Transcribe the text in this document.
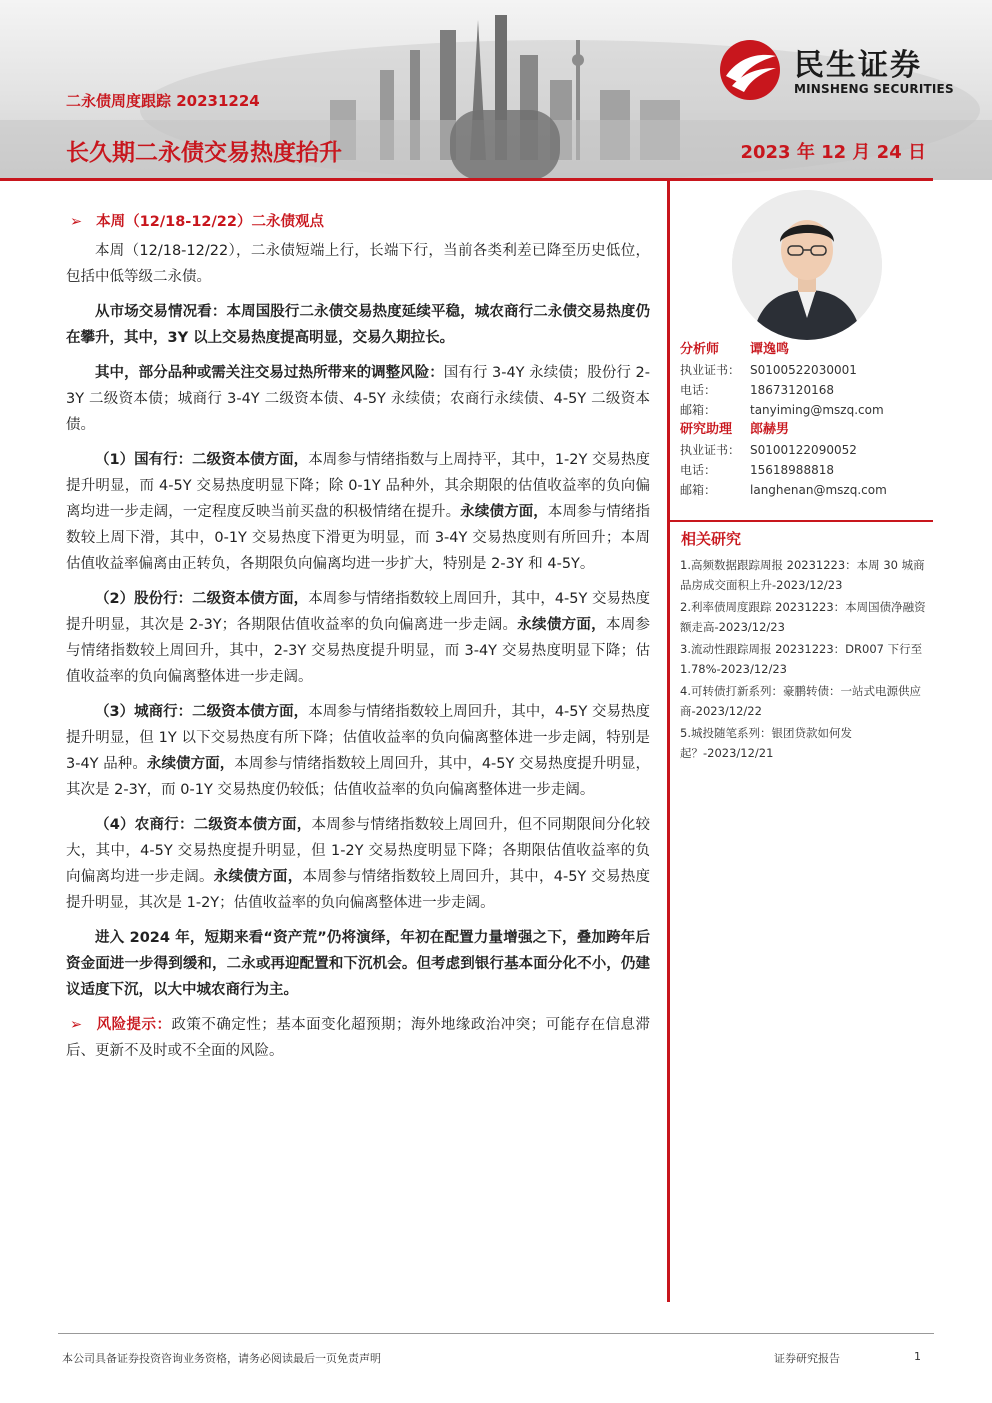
二永债周度跟踪 20231224
长久期二永债交易热度抬升	2023 年 12 月 24 日
民生证券
MINSHENG SECURITIES
➢ 本周（12/18-12/22）二永债观点

本周（12/18-12/22），二永债短端上行，长端下行，当前各类利差已降至历史低位，包括中低等级二永债。

从市场交易情况看：本周国股行二永债交易热度延续平稳，城农商行二永债交易热度仍在攀升，其中，3Y 以上交易热度提高明显，交易久期拉长。

其中，部分品种或需关注交易过热所带来的调整风险：国有行 3-4Y 永续债；股份行 2-3Y 二级资本债；城商行 3-4Y 二级资本债、4-5Y 永续债；农商行永续债、4-5Y 二级资本债。

（1）国有行：二级资本债方面，本周参与情绪指数与上周持平，其中，1-2Y 交易热度提升明显，而 4-5Y 交易热度明显下降；除 0-1Y 品种外，其余期限的估值收益率的负向偏离均进一步走阔，一定程度反映当前买盘的积极情绪在提升。永续债方面，本周参与情绪指数较上周下滑，其中，0-1Y 交易热度下滑更为明显，而 3-4Y 交易热度则有所回升；本周估值收益率偏离由正转负，各期限负向偏离均进一步扩大，特别是 2-3Y 和 4-5Y。

（2）股份行：二级资本债方面，本周参与情绪指数较上周回升，其中，4-5Y 交易热度提升明显，其次是 2-3Y；各期限估值收益率的负向偏离进一步走阔。永续债方面，本周参与情绪指数较上周回升，其中，2-3Y 交易热度提升明显，而 3-4Y 交易热度明显下降；估值收益率的负向偏离整体进一步走阔。

（3）城商行：二级资本债方面，本周参与情绪指数较上周回升，其中，4-5Y 交易热度提升明显，但 1Y 以下交易热度有所下降；估值收益率的负向偏离整体进一步走阔，特别是 3-4Y 品种。永续债方面，本周参与情绪指数较上周回升，其中，4-5Y 交易热度提升明显，其次是 2-3Y，而 0-1Y 交易热度仍较低；估值收益率的负向偏离整体进一步走阔。

（4）农商行：二级资本债方面，本周参与情绪指数较上周回升，但不同期限间分化较大，其中，4-5Y 交易热度提升明显，但 1-2Y 交易热度明显下降；各期限估值收益率的负向偏离均进一步走阔。永续债方面，本周参与情绪指数较上周回升，其中，4-5Y 交易热度提升明显，其次是 1-2Y；估值收益率的负向偏离整体进一步走阔。

进入 2024 年，短期来看“资产荒”仍将演绎，年初在配置力量增强之下，叠加跨年后资金面进一步得到缓和，二永或再迎配置和下沉机会。但考虑到银行基本面分化不小，仍建议适度下沉，以大中城农商行为主。

➢ 风险提示：政策不确定性；基本面变化超预期；海外地缘政治冲突；可能存在信息滞后、更新不及时或不全面的风险。

分析师 谭逸鸣
执业证书： S0100522030001
电话：	18673120168
邮箱：	tanyiming@mszq.com
研究助理 郎赫男
执业证书： S0100122090052
电话：	15618988818
邮箱：	langhenan@mszq.com
相关研究
1.高频数据跟踪周报 20231223：本周 30 城商品房成交面积上升-2023/12/23
2.利率债周度跟踪 20231223：本周国债净融资额走高-2023/12/23
3.流动性跟踪周报 20231223：DR007 下行至 1.78%-2023/12/23
4.可转债打新系列：豪鹏转债：一站式电源供应商-2023/12/22
5.城投随笔系列：银团贷款如何发起？-2023/12/21
本公司具备证券投资咨询业务资格，请务必阅读最后一页免责声明	证券研究报告	1
